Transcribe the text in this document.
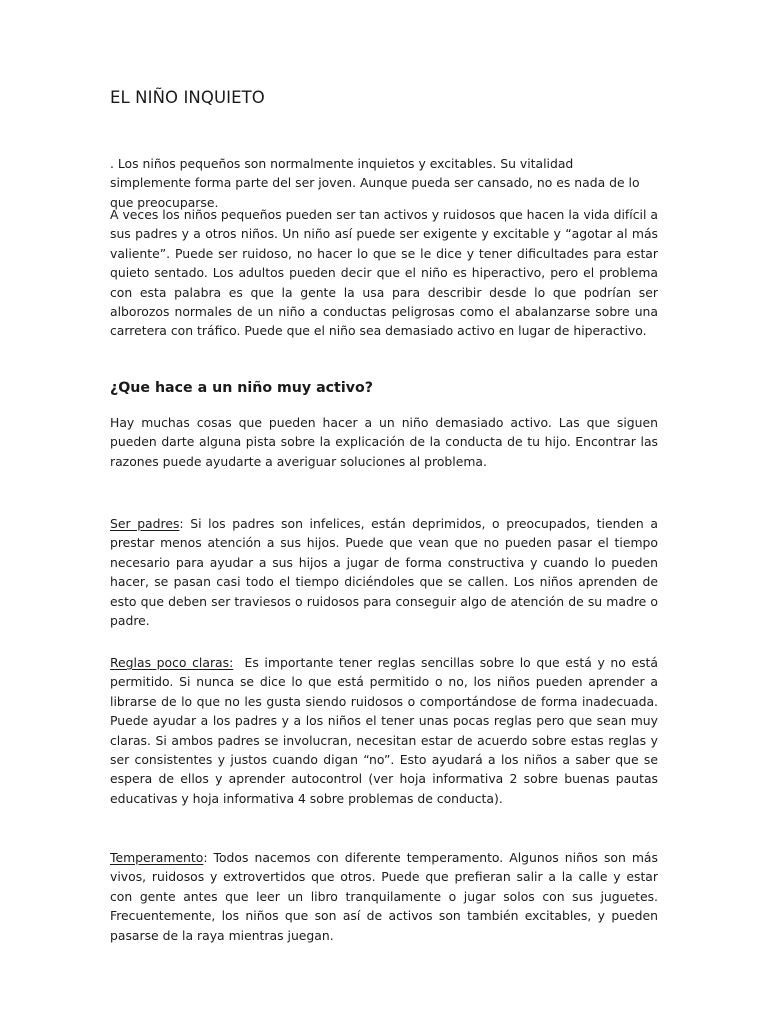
EL NIÑO INQUIETO

. Los niños pequeños son normalmente inquietos y excitables. Su vitalidad simplemente forma parte del ser joven. Aunque pueda ser cansado, no es nada de lo que preocuparse.

A veces los niños pequeños pueden ser tan activos y ruidosos que hacen la vida difícil a sus padres y a otros niños. Un niño así puede ser exigente y excitable y “agotar al más valiente”. Puede ser ruidoso, no hacer lo que se le dice y tener dificultades para estar quieto sentado. Los adultos pueden decir que el niño es hiperactivo, pero el problema con esta palabra es que la gente la usa para describir desde lo que podrían ser alborozos normales de un niño a conductas peligrosas como el abalanzarse sobre una carretera con tráfico. Puede que el niño sea demasiado activo en lugar de hiperactivo.

¿Que hace a un niño muy activo?

Hay muchas cosas que pueden hacer a un niño demasiado activo. Las que siguen pueden darte alguna pista sobre la explicación de la conducta de tu hijo. Encontrar las razones puede ayudarte a averiguar soluciones al problema.

Ser padres: Si los padres son infelices, están deprimidos, o preocupados, tienden a prestar menos atención a sus hijos. Puede que vean que no pueden pasar el tiempo necesario para ayudar a sus hijos a jugar de forma constructiva y cuando lo pueden hacer, se pasan casi todo el tiempo diciéndoles que se callen. Los niños aprenden de esto que deben ser traviesos o ruidosos para conseguir algo de atención de su madre o padre.

Reglas poco claras: Es importante tener reglas sencillas sobre lo que está y no está permitido. Si nunca se dice lo que está permitido o no, los niños pueden aprender a librarse de lo que no les gusta siendo ruidosos o comportándose de forma inadecuada. Puede ayudar a los padres y a los niños el tener unas pocas reglas pero que sean muy claras. Si ambos padres se involucran, necesitan estar de acuerdo sobre estas reglas y ser consistentes y justos cuando digan “no”. Esto ayudará a los niños a saber que se espera de ellos y aprender autocontrol (ver hoja informativa 2 sobre buenas pautas educativas y hoja informativa 4 sobre problemas de conducta).

Temperamento: Todos nacemos con diferente temperamento. Algunos niños son más vivos, ruidosos y extrovertidos que otros. Puede que prefieran salir a la calle y estar con gente antes que leer un libro tranquilamente o jugar solos con sus juguetes. Frecuentemente, los niños que son así de activos son también excitables, y pueden pasarse de la raya mientras juegan.
